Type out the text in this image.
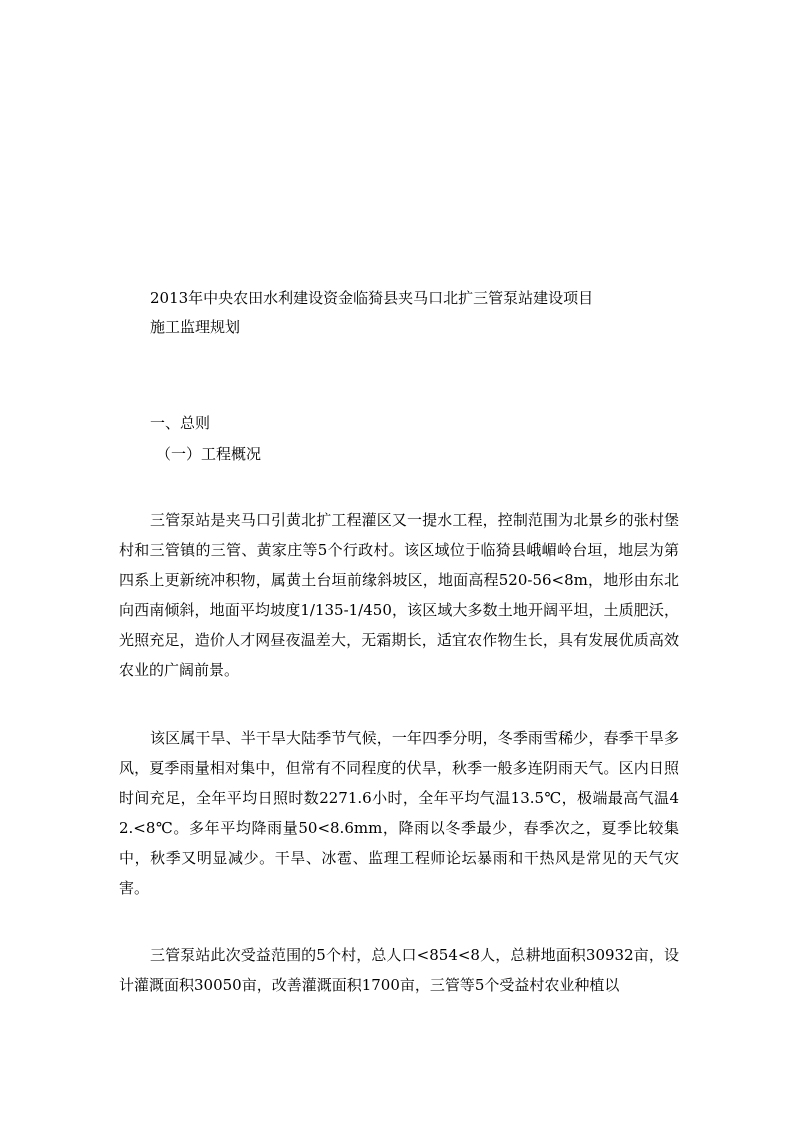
2013年中央农田水利建设资金临猗县夹马口北扩三管泵站建设项目
施工监理规划
一、总则
（一）工程概况

三管泵站是夹马口引黄北扩工程灌区又一提水工程，控制范围为北景乡的张村堡村和三管镇的三管、黄家庄等5个行政村。该区域位于临猗县峨嵋岭台垣，地层为第四系上更新统冲积物，属黄土台垣前缘斜坡区，地面高程520-56<8m，地形由东北向西南倾斜，地面平均坡度1/135-1/450，该区域大多数土地开阔平坦，土质肥沃，光照充足，造价人才网昼夜温差大，无霜期长，适宜农作物生长，具有发展优质高效农业的广阔前景。

该区属干旱、半干旱大陆季节气候，一年四季分明，冬季雨雪稀少，春季干旱多风，夏季雨量相对集中，但常有不同程度的伏旱，秋季一般多连阴雨天气。区内日照时间充足，全年平均日照时数2271.6小时，全年平均气温13.5℃，极端最高气温42.<8℃。多年平均降雨量50<8.6mm，降雨以冬季最少，春季次之，夏季比较集中，秋季又明显减少。干旱、冰雹、监理工程师论坛暴雨和干热风是常见的天气灾害。

三管泵站此次受益范围的5个村，总人口<854<8人，总耕地面积30932亩，设计灌溉面积30050亩，改善灌溉面积1700亩，三管等5个受益村农业种植以
